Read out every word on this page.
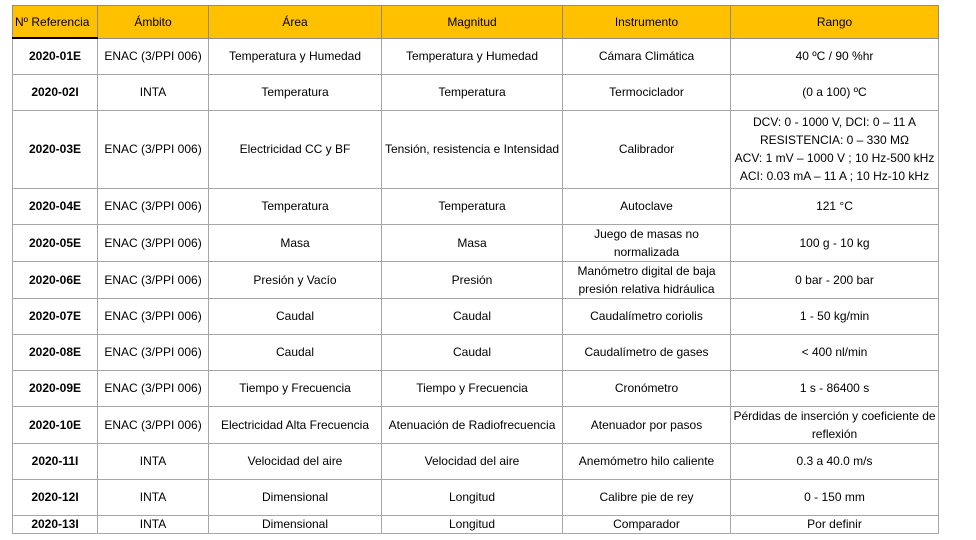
Nº Referencia	Ámbito	Área	Magnitud	Instrumento	Rango
2020-01E	ENAC (3/PPI 006)	Temperatura y Humedad	Temperatura y Humedad	Cámara Climática	40 ºC / 90 %hr
2020-02I	INTA	Temperatura	Temperatura	Termociclador	(0 a 100) ºC
2020-03E	ENAC (3/PPI 006)	Electricidad CC y BF	Tensión, resistencia e Intensidad	Calibrador	DCV: 0 - 1000 V, DCI: 0 – 11 A
RESISTENCIA: 0 – 330 MΩ
ACV: 1 mV – 1000 V ; 10 Hz-500 kHz
ACI: 0.03 mA – 11 A ; 10 Hz-10 kHz

2020-04E	ENAC (3/PPI 006)	Temperatura	Temperatura	Autoclave	121 °C
2020-05E	ENAC (3/PPI 006)	Masa	Masa	Juego de masas no normalizada	100 g - 10 kg
2020-06E	ENAC (3/PPI 006)	Presión y Vacío	Presión	Manómetro digital de baja presión relativa hidráulica	0 bar - 200 bar
2020-07E	ENAC (3/PPI 006)	Caudal	Caudal	Caudalímetro coriolis	1 - 50 kg/min
2020-08E	ENAC (3/PPI 006)	Caudal	Caudal	Caudalímetro de gases	< 400 nl/min
2020-09E	ENAC (3/PPI 006)	Tiempo y Frecuencia	Tiempo y Frecuencia	Cronómetro	1 s - 86400 s
2020-10E	ENAC (3/PPI 006)	Electricidad Alta Frecuencia	Atenuación de Radiofrecuencia	Atenuador por pasos	Pérdidas de inserción y coeficiente de reflexión
2020-11I	INTA	Velocidad del aire	Velocidad del aire	Anemómetro hilo caliente	0.3 a 40.0 m/s
2020-12I	INTA	Dimensional	Longitud	Calibre pie de rey	0 - 150 mm
2020-13I	INTA	Dimensional	Longitud	Comparador	Por definir
